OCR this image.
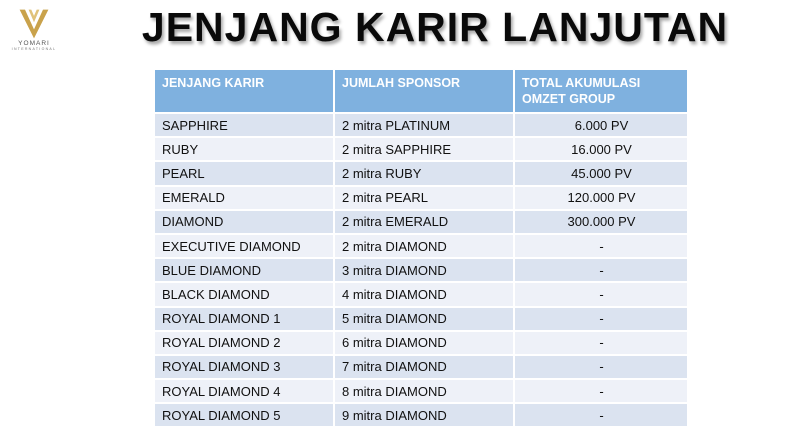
YOMARI
INTERNATIONAL	JENJANG KARIR LANJUTAN
JENJANG KARIR	JUMLAH SPONSOR	TOTAL AKUMULASI OMZET GROUP
SAPPHIRE	2 mitra PLATINUM	6.000 PV
RUBY	2 mitra SAPPHIRE	16.000 PV
PEARL	2 mitra RUBY	45.000 PV
EMERALD	2 mitra PEARL	120.000 PV
DIAMOND	2 mitra EMERALD	300.000 PV
EXECUTIVE DIAMOND	2 mitra DIAMOND	-
BLUE DIAMOND	3 mitra DIAMOND	-
BLACK DIAMOND	4 mitra DIAMOND	-
ROYAL DIAMOND 1	5 mitra DIAMOND	-
ROYAL DIAMOND 2	6 mitra DIAMOND	-
ROYAL DIAMOND 3	7 mitra DIAMOND	-
ROYAL DIAMOND 4	8 mitra DIAMOND	-
ROYAL DIAMOND 5	9 mitra DIAMOND	-
